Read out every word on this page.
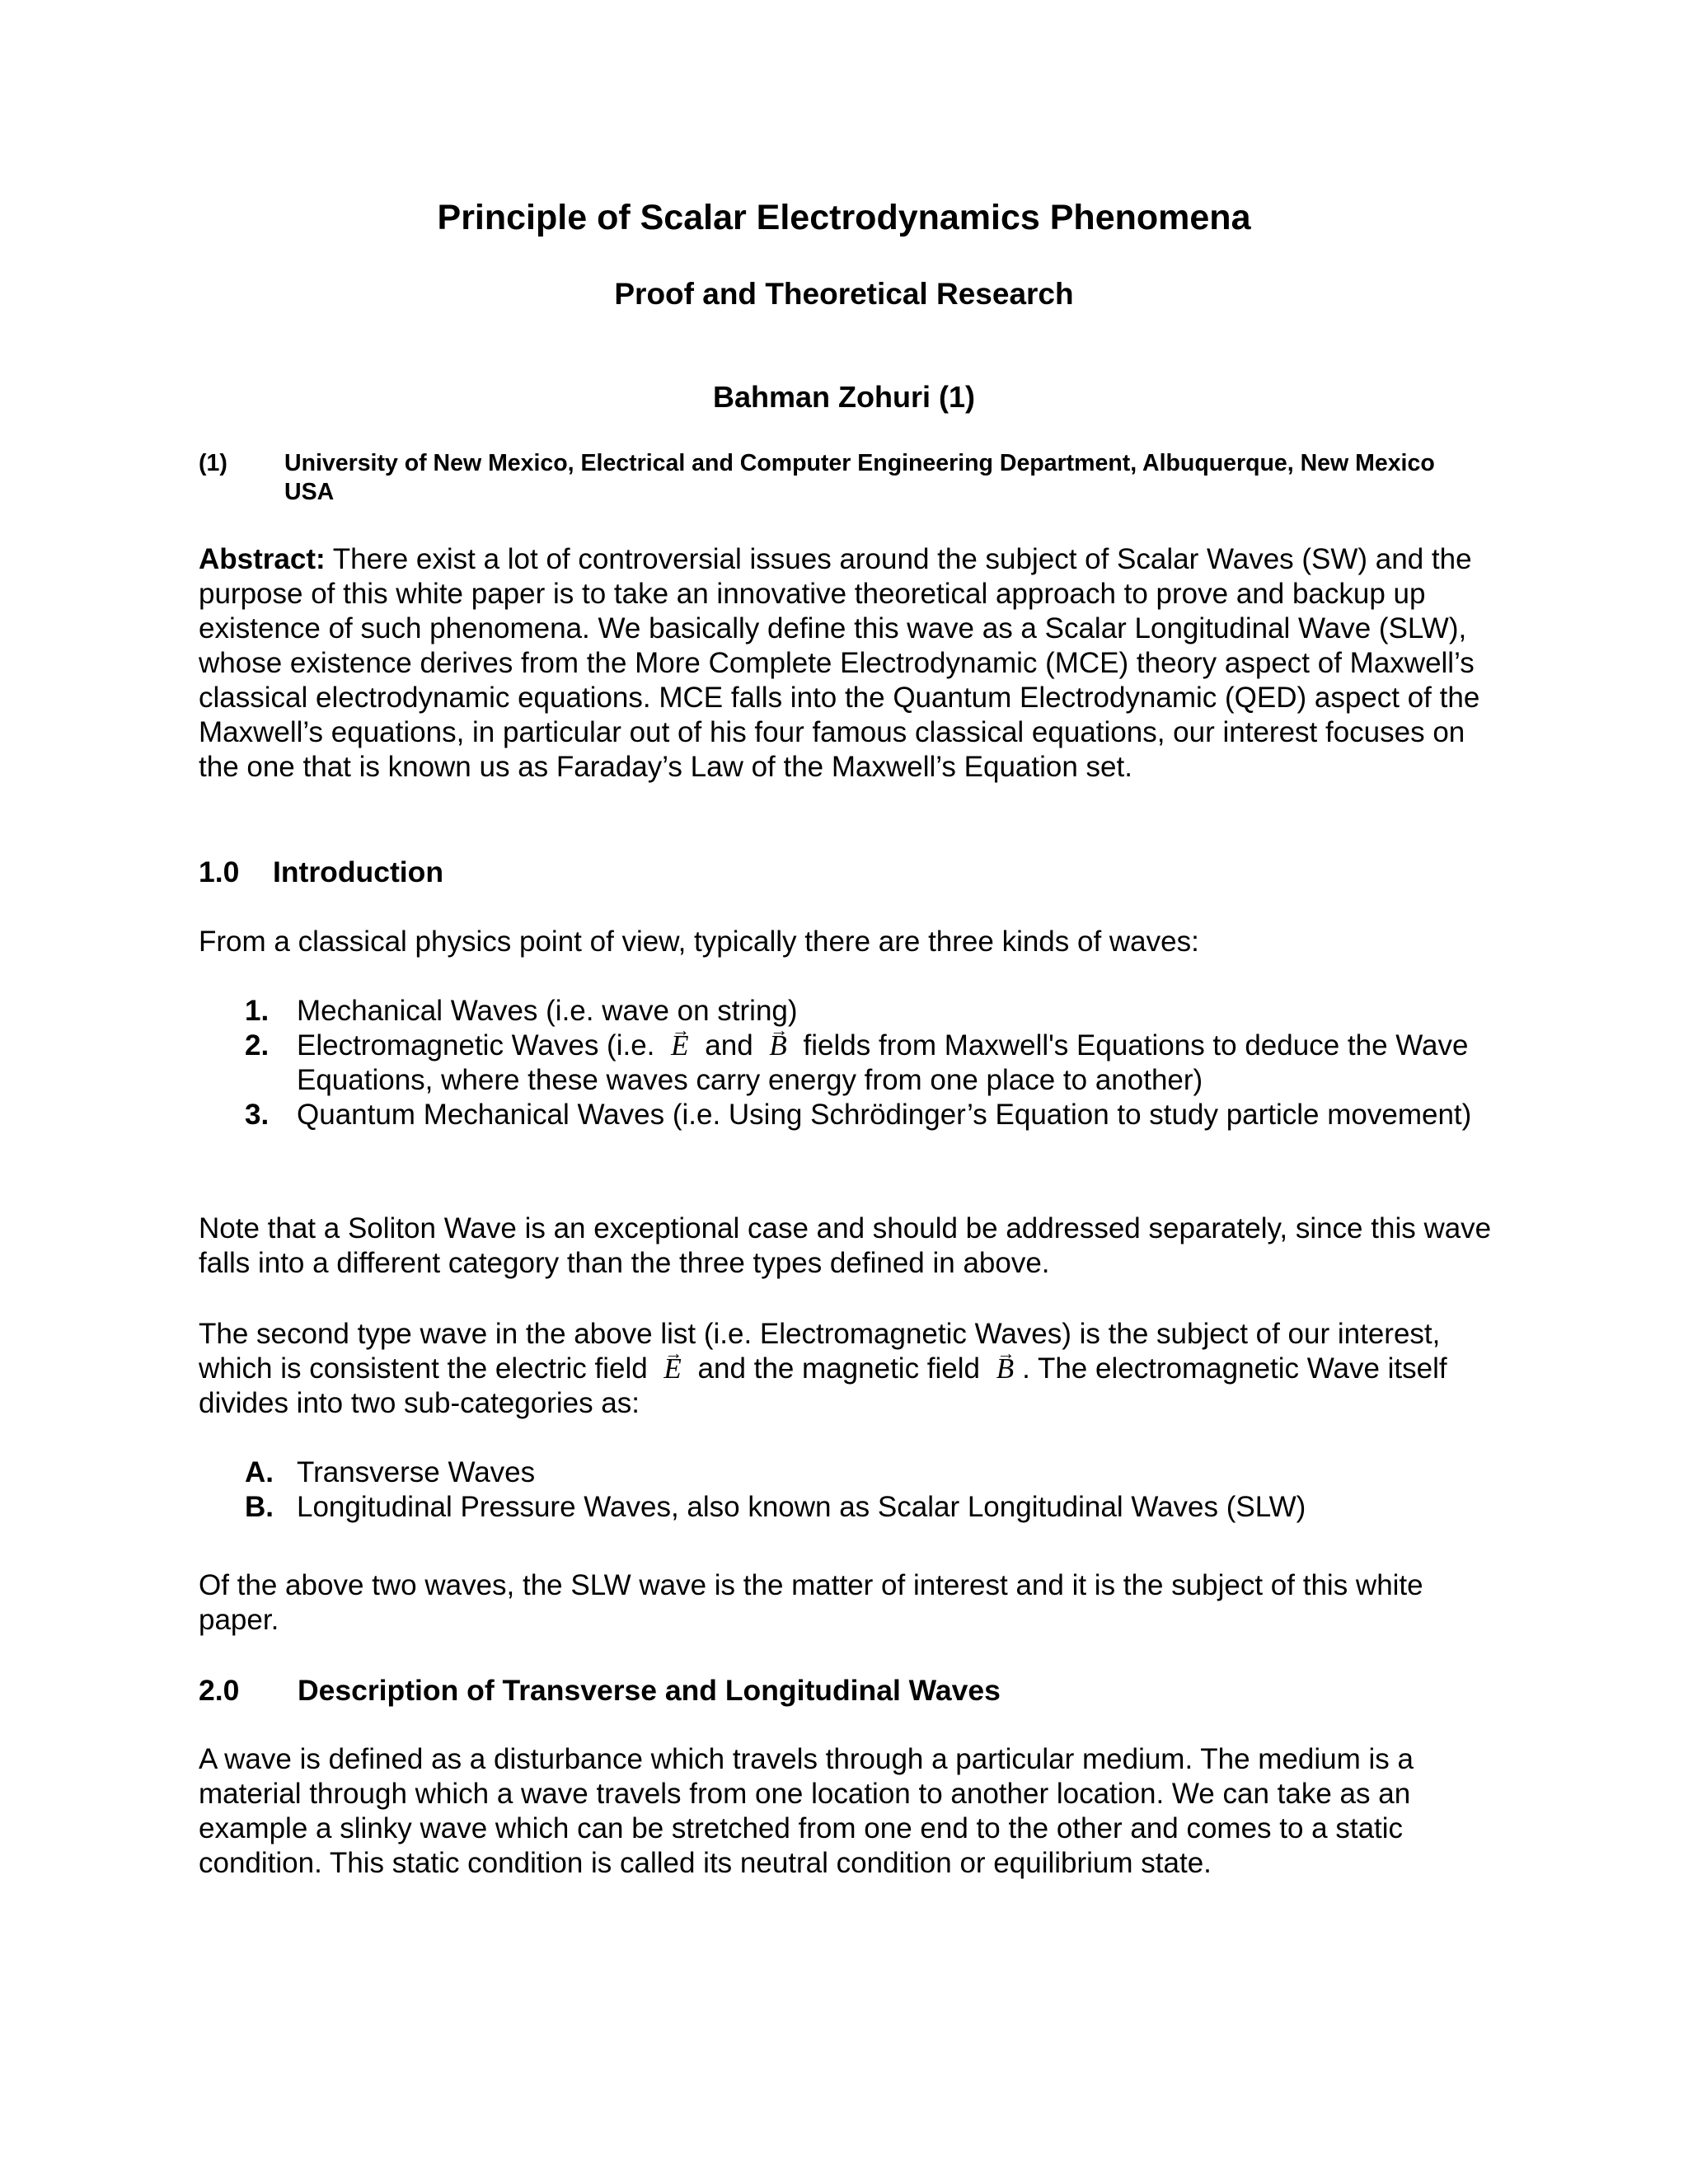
Principle of Scalar Electrodynamics Phenomena
Proof and Theoretical Research
Bahman Zohuri (1)
(1)	University of New Mexico, Electrical and Computer Engineering Department, Albuquerque, New Mexico USA
Abstract: There exist a lot of controversial issues around the subject of Scalar Waves (SW) and the purpose of this white paper is to take an innovative theoretical approach to prove and backup up existence of such phenomena. We basically define this wave as a Scalar Longitudinal Wave (SLW), whose existence derives from the More Complete Electrodynamic (MCE) theory aspect of Maxwell’s classical electrodynamic equations. MCE falls into the Quantum Electrodynamic (QED) aspect of the Maxwell’s equations, in particular out of his four famous classical equations, our interest focuses on the one that is known us as Faraday’s Law of the Maxwell’s Equation set.
1.0	Introduction
From a classical physics point of view, typically there are three kinds of waves:
1. Mechanical Waves (i.e. wave on string)
2. Electromagnetic Waves (i.e. → E and → B fields from Maxwell's Equations to deduce the Wave Equations, where these waves carry energy from one place to another)
3. Quantum Mechanical Waves (i.e. Using Schrödinger’s Equation to study particle movement)
Note that a Soliton Wave is an exceptional case and should be addressed separately, since this wave falls into a different category than the three types defined in above.
The second type wave in the above list (i.e. Electromagnetic Waves) is the subject of our interest, which is consistent the electric field → E and the magnetic field → B . The electromagnetic Wave itself divides into two sub-categories as:
A. Transverse Waves
B. Longitudinal Pressure Waves, also known as Scalar Longitudinal Waves (SLW)
Of the above two waves, the SLW wave is the matter of interest and it is the subject of this white paper.
2.0	Description of Transverse and Longitudinal Waves
A wave is defined as a disturbance which travels through a particular medium. The medium is a material through which a wave travels from one location to another location. We can take as an example a slinky wave which can be stretched from one end to the other and comes to a static condition. This static condition is called its neutral condition or equilibrium state.
